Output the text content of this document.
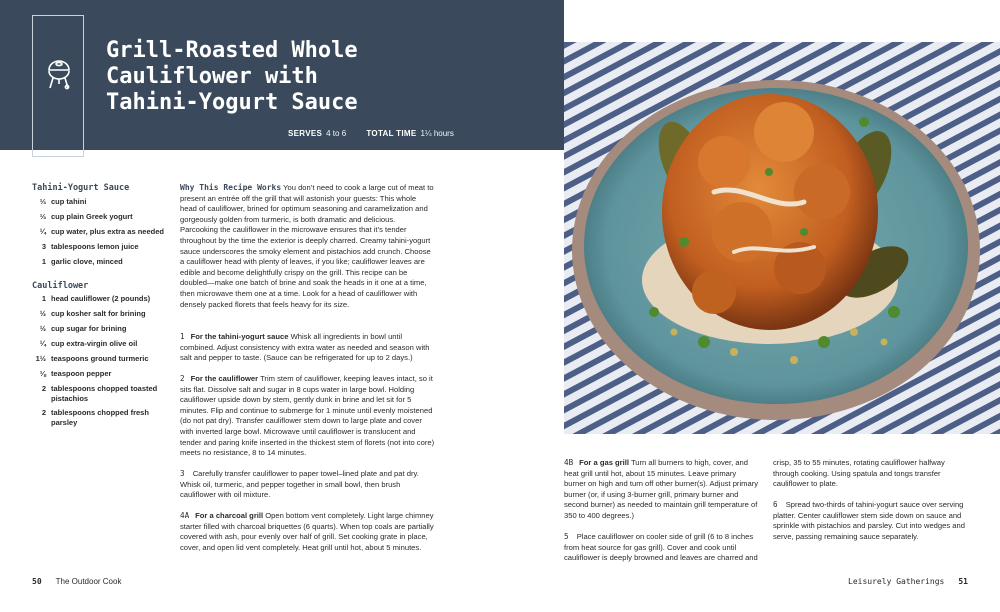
Grill-Roasted Whole
Cauliflower with
Tahini-Yogurt Sauce
SERVES 4 to 6	TOTAL TIME 1¼ hours
Tahini-Yogurt Sauce
⅓ cup tahini
⅓ cup plain Greek yogurt
¼ cup water, plus extra as needed
3 tablespoons lemon juice
1 garlic clove, minced
Cauliflower
1 head cauliflower (2 pounds)
½ cup kosher salt for brining
½ cup sugar for brining
¼ cup extra-virgin olive oil
1½ teaspoons ground turmeric
⅛ teaspoon pepper
2 tablespoons chopped toasted pistachios
2 tablespoons chopped fresh parsley

Why This Recipe Works You don’t need to cook a large cut of meat to present an entrée off the grill that will astonish your guests: This whole head of cauliflower, brined for optimum seasoning and caramelization and gorgeously golden from turmeric, is both dramatic and delicious. Parcooking the cauliflower in the microwave ensures that it’s tender throughout by the time the exterior is deeply charred. Creamy tahini-yogurt sauce underscores the smoky element and pistachios add crunch. Choose a cauliflower head with plenty of leaves, if you like; cauliflower leaves are edible and become delightfully crispy on the grill. This recipe can be doubled—make one batch of brine and soak the heads in it one at a time, then microwave them one at a time. Look for a head of cauliflower with densely packed florets that feels heavy for its size.

1 For the tahini-yogurt sauce Whisk all ingredients in bowl until combined. Adjust consistency with extra water as needed and season with salt and pepper to taste. (Sauce can be refrigerated for up to 2 days.)

2 For the cauliflower Trim stem of cauliflower, keeping leaves intact, so it sits flat. Dissolve salt and sugar in 8 cups water in large bowl. Holding cauliflower upside down by stem, gently dunk in brine and let sit for 5 minutes. Flip and continue to submerge for 1 minute until evenly moistened (do not pat dry). Transfer cauliflower stem down to large plate and cover with inverted large bowl. Microwave until cauliflower is translucent and tender and paring knife inserted in the thickest stem of florets (not into core) meets no resistance, 8 to 14 minutes.

3 Carefully transfer cauliflower to paper towel–lined plate and pat dry. Whisk oil, turmeric, and pepper together in small bowl, then brush cauliflower with oil mixture.

4A For a charcoal grill Open bottom vent completely. Light large chimney starter filled with charcoal briquettes (6 quarts). When top coals are partially covered with ash, pour evenly over half of grill. Set cooking grate in place, cover, and open lid vent completely. Heat grill until hot, about 5 minutes.

4B For a gas grill Turn all burners to high, cover, and heat grill until hot, about 15 minutes. Leave primary burner on high and turn off other burner(s). Adjust primary burner (or, if using 3-burner grill, primary burner and second burner) as needed to maintain grill temperature of 350 to 400 degrees.)

5 Place cauliflower on cooler side of grill (6 to 8 inches from heat source for gas grill). Cover and cook until cauliflower is deeply browned and leaves are charred and

crisp, 35 to 55 minutes, rotating cauliflower halfway through cooking. Using spatula and tongs transfer cauliflower to plate.

6 Spread two-thirds of tahini-yogurt sauce over serving platter. Center cauliflower stem side down on sauce and sprinkle with pistachios and parsley. Cut into wedges and serve, passing remaining sauce separately.

50 The Outdoor Cook	Leisurely Gatherings 51
